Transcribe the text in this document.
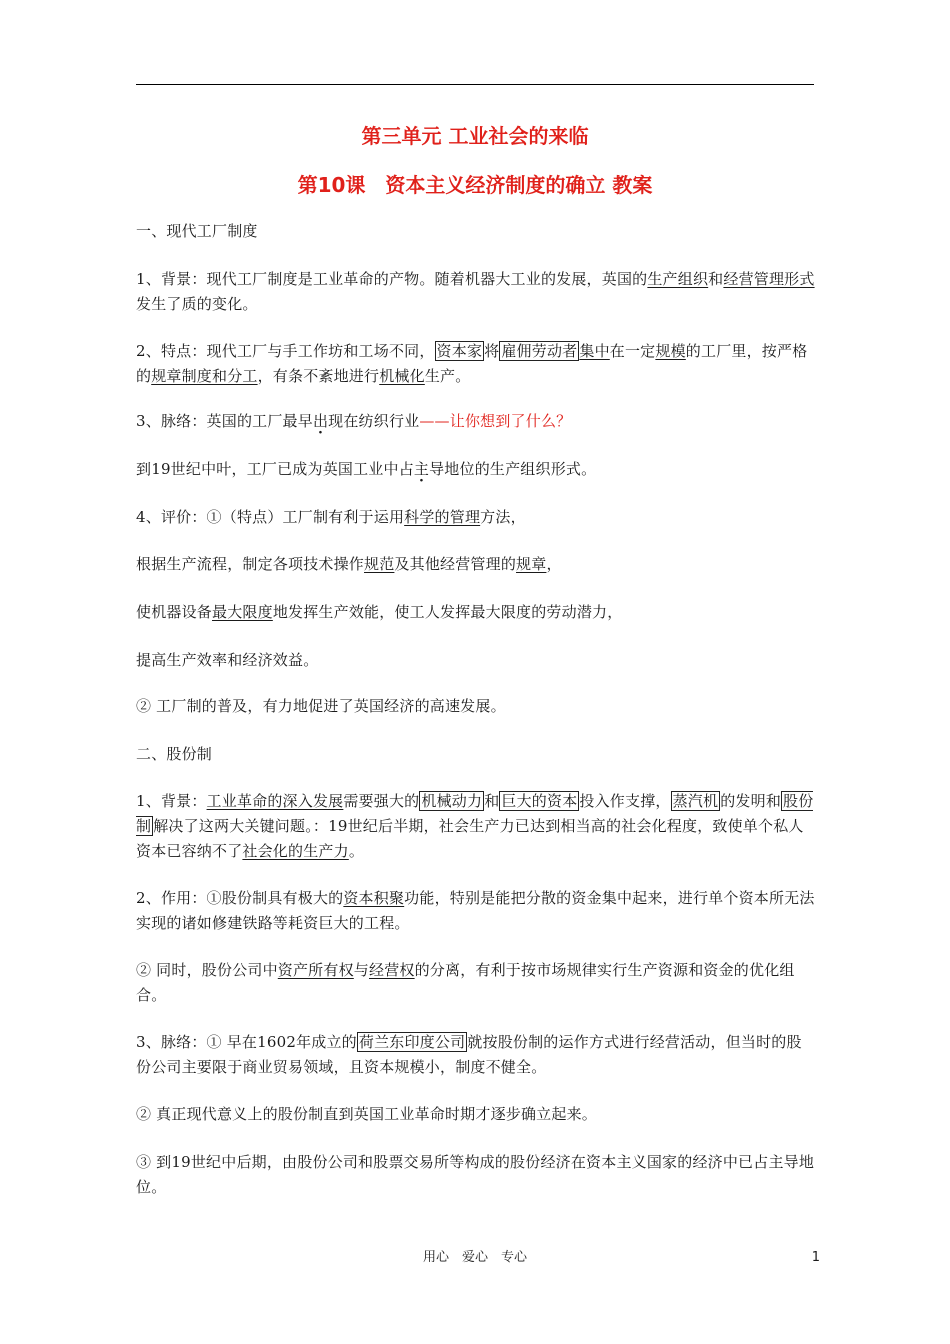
第三单元 工业社会的来临
第10课　资本主义经济制度的确立 教案
一、现代工厂制度
1、背景：现代工厂制度是工业革命的产物。随着机器大工业的发展，英国的生产组织和经营管理形式发生了质的变化。
2、特点：现代工厂与手工作坊和工场不同， 资本家 将 雇佣劳动者 集中在一定规模的工厂里，按严格的规章制度和分工，有条不紊地进行机械化生产。
3、脉络：英国的工厂最早出现在纺织行业——让你想到了什么？
到19世纪中叶，工厂已成为英国工业中占主导地位的生产组织形式。
4、评价：①（特点）工厂制有利于运用科学的管理方法，
根据生产流程，制定各项技术操作规范及其他经营管理的规章，
使机器设备最大限度地发挥生产效能，使工人发挥最大限度的劳动潜力，
提高生产效率和经济效益。
② 工厂制的普及，有力地促进了英国经济的高速发展。
二、股份制
1、背景：工业革命的深入发展需要强大的 机械动力 和 巨大的资本 投入作支撑， 蒸汽机 的发明和 股份制 解决了这两大关键问题。：19世纪后半期，社会生产力已达到相当高的社会化程度，致使单个私人资本已容纳不了社会化的生产力。
2、作用：①股份制具有极大的资本积聚功能，特别是能把分散的资金集中起来，进行单个资本所无法实现的诸如修建铁路等耗资巨大的工程。
② 同时，股份公司中资产所有权与经营权的分离，有利于按市场规律实行生产资源和资金的优化组合。
3、脉络：① 早在1602年成立的 荷兰东印度公司 就按股份制的运作方式进行经营活动，但当时的股份公司主要限于商业贸易领域，且资本规模小，制度不健全。
② 真正现代意义上的股份制直到英国工业革命时期才逐步确立起来。
③ 到19世纪中后期，由股份公司和股票交易所等构成的股份经济在资本主义国家的经济中已占主导地位。
用心　爱心　专心	1
